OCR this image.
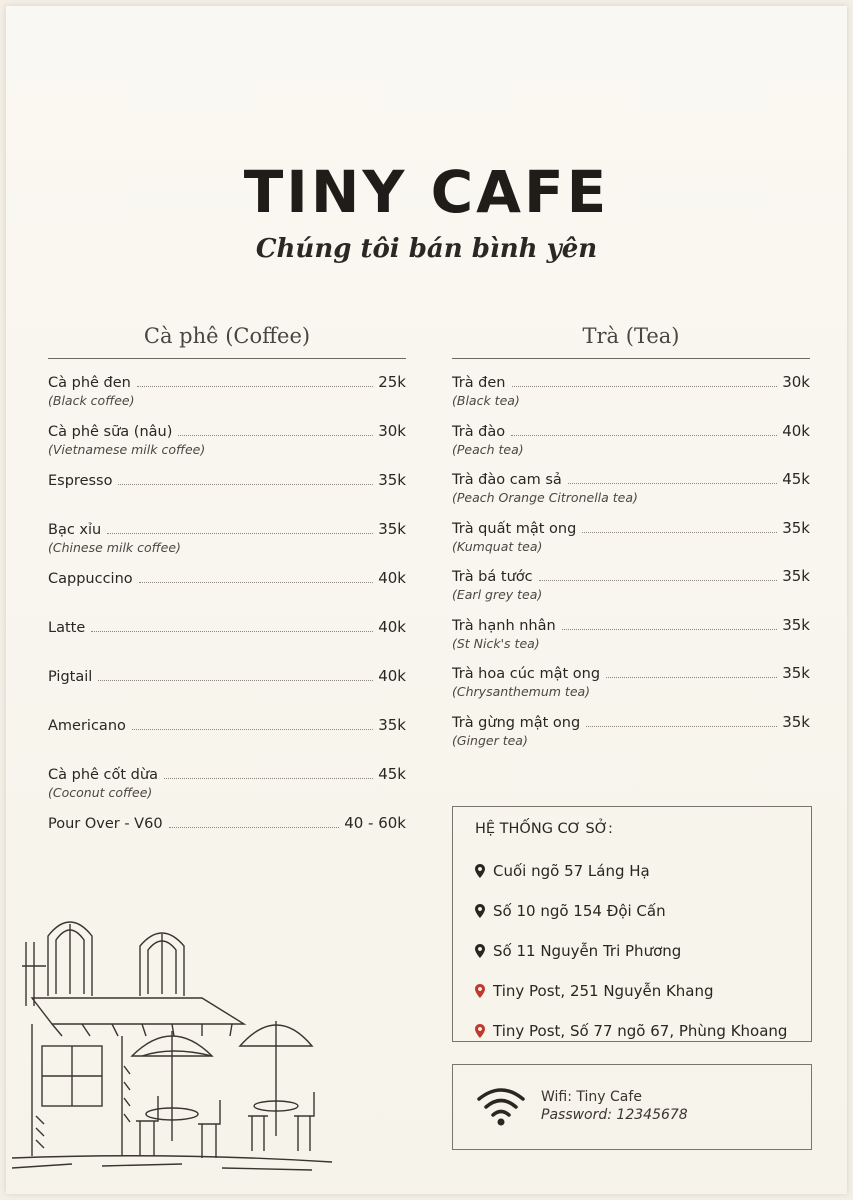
TINY CAFE
Chúng tôi bán bình yên
Cà phê (Coffee)
Cà phê đen	25k
(Black coffee)
Cà phê sữa (nâu)	30k
(Vietnamese milk coffee)
Espresso	35k
Bạc xỉu	35k
(Chinese milk coffee)
Cappuccino	40k
Latte	40k
Pigtail	40k
Americano	35k
Cà phê cốt dừa	45k
(Coconut coffee)
Pour Over - V60	40 - 60k
Trà (Tea)
Trà đen	30k
(Black tea)
Trà đào	40k
(Peach tea)
Trà đào cam sả	45k
(Peach Orange Citronella tea)
Trà quất mật ong	35k
(Kumquat tea)
Trà bá tước	35k
(Earl grey tea)
Trà hạnh nhân	35k
(St Nick's tea)
Trà hoa cúc mật ong	35k
(Chrysanthemum tea)
Trà gừng mật ong	35k
(Ginger tea)
HỆ THỐNG CƠ SỞ:
Cuối ngõ 57 Láng Hạ
Số 10 ngõ 154 Đội Cấn
Số 11 Nguyễn Tri Phương
Tiny Post, 251 Nguyễn Khang
Tiny Post, Số 77 ngõ 67, Phùng Khoang
Wifi: Tiny Cafe
Password: 12345678
